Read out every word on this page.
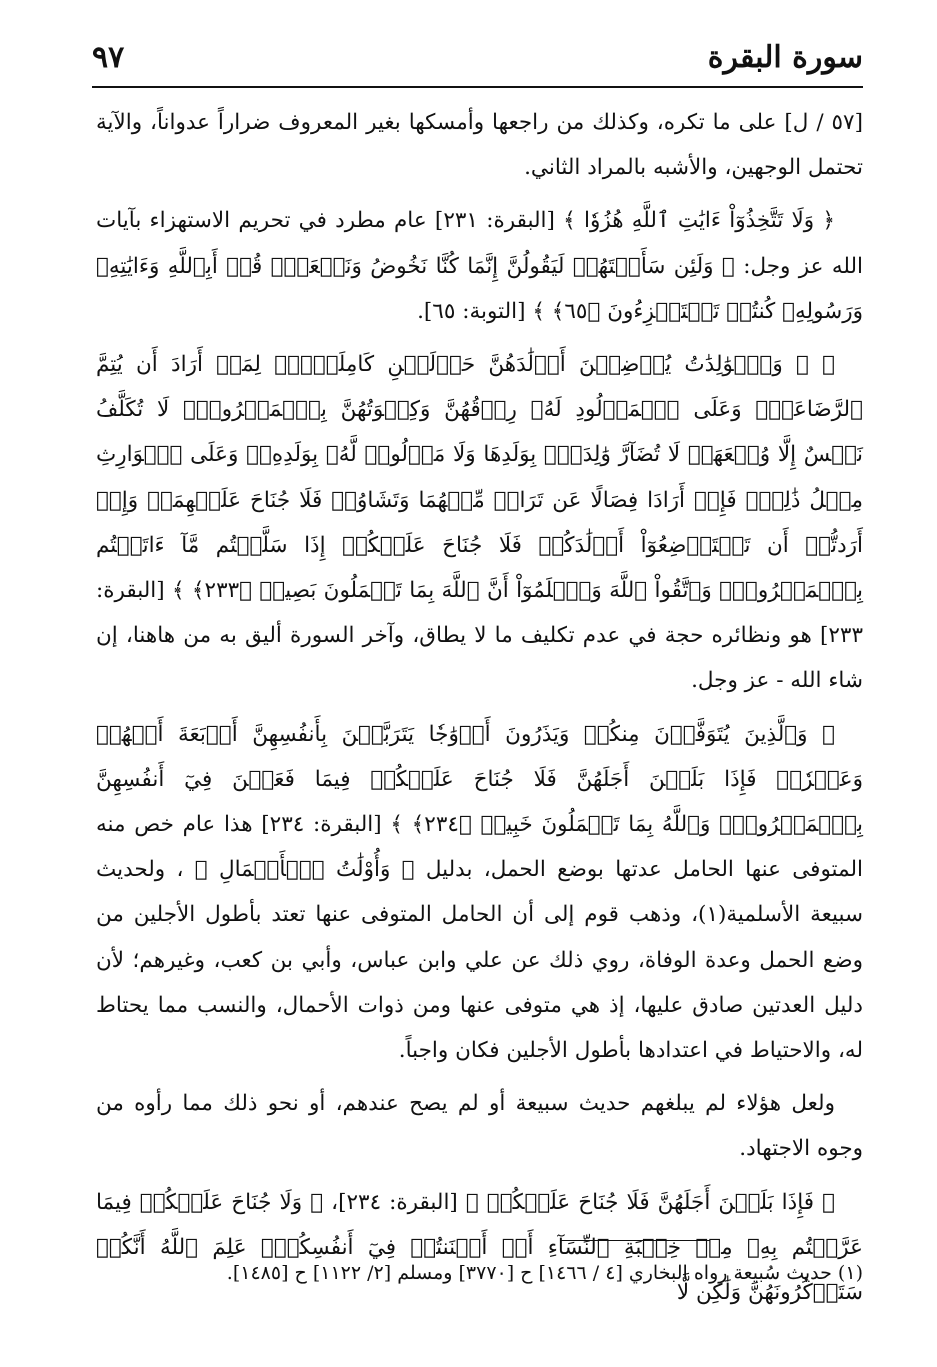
سورة البقرة
٩٧

[٥٧ / ل] على ما تكره، وكذلك من راجعها وأمسكها بغير المعروف ضراراً عدواناً، والآية تحتمل الوجهين، والأشبه بالمراد الثاني.

﴿ وَلَا تَتَّخِذُوٓاْ ءَايَٰتِ ٱللَّهِ هُزُوٗا ﴾ [البقرة: ٢٣١] عام مطرد في تحريم الاستهزاء بآيات الله عز وجل: ﴿ وَلَئِن سَأَلۡتَهُمۡ لَيَقُولُنَّ إِنَّمَا كُنَّا نَخُوضُ وَنَلۡعَبُۚ قُلۡ أَبِٱللَّهِ وَءَايَٰتِهِۦ وَرَسُولِهِۦ كُنتُمۡ تَسۡتَهۡزِءُونَ ﴿٦٥﴾ ﴾ [التوبة: ٦٥].

﴿ ۞ وَٱلۡوَٰلِدَٰتُ يُرۡضِعۡنَ أَوۡلَٰدَهُنَّ حَوۡلَيۡنِ كَامِلَيۡنِۖ لِمَنۡ أَرَادَ أَن يُتِمَّ ٱلرَّضَاعَةَۚ وَعَلَى ٱلۡمَوۡلُودِ لَهُۥ رِزۡقُهُنَّ وَكِسۡوَتُهُنَّ بِٱلۡمَعۡرُوفِۚ لَا تُكَلَّفُ نَفۡسٌ إِلَّا وُسۡعَهَاۚ لَا تُضَآرَّ وَٰلِدَةُۢ بِوَلَدِهَا وَلَا مَوۡلُودٞ لَّهُۥ بِوَلَدِهِۦۚ وَعَلَى ٱلۡوَارِثِ مِثۡلُ ذَٰلِكَۗ فَإِنۡ أَرَادَا فِصَالًا عَن تَرَاضٖ مِّنۡهُمَا وَتَشَاوُرٖ فَلَا جُنَاحَ عَلَيۡهِمَاۗ وَإِنۡ أَرَدتُّمۡ أَن تَسۡتَرۡضِعُوٓاْ أَوۡلَٰدَكُمۡ فَلَا جُنَاحَ عَلَيۡكُمۡ إِذَا سَلَّمۡتُم مَّآ ءَاتَيۡتُم بِٱلۡمَعۡرُوفِۗ وَٱتَّقُواْ ٱللَّهَ وَٱعۡلَمُوٓاْ أَنَّ ٱللَّهَ بِمَا تَعۡمَلُونَ بَصِيرٞ ﴿٢٣٣﴾ ﴾ [البقرة: ٢٣٣] هو ونظائره حجة في عدم تكليف ما لا يطاق، وآخر السورة أليق به من هاهنا، إن شاء الله - عز وجل.

﴿ وَٱلَّذِينَ يُتَوَفَّوۡنَ مِنكُمۡ وَيَذَرُونَ أَزۡوَٰجٗا يَتَرَبَّصۡنَ بِأَنفُسِهِنَّ أَرۡبَعَةَ أَشۡهُرٖ وَعَشۡرٗاۖ فَإِذَا بَلَغۡنَ أَجَلَهُنَّ فَلَا جُنَاحَ عَلَيۡكُمۡ فِيمَا فَعَلۡنَ فِيٓ أَنفُسِهِنَّ بِٱلۡمَعۡرُوفِۗ وَٱللَّهُ بِمَا تَعۡمَلُونَ خَبِيرٞ ﴿٢٣٤﴾ ﴾ [البقرة: ٢٣٤] هذا عام خص منه المتوفى عنها الحامل عدتها بوضع الحمل، بدليل ﴿ وَأُوْلَٰتُ ٱلۡأَحۡمَالِ ﴾ ، ولحديث سبيعة الأسلمية(١)، وذهب قوم إلى أن الحامل المتوفى عنها تعتد بأطول الأجلين من وضع الحمل وعدة الوفاة، روي ذلك عن علي وابن عباس، وأبي بن كعب، وغيرهم؛ لأن دليل العدتين صادق عليها، إذ هي متوفى عنها ومن ذوات الأحمال، والنسب مما يحتاط له، والاحتياط في اعتدادها بأطول الأجلين فكان واجباً.

ولعل هؤلاء لم يبلغهم حديث سبيعة أو لم يصح عندهم، أو نحو ذلك مما رأوه من وجوه الاجتهاد.

﴿ فَإِذَا بَلَغۡنَ أَجَلَهُنَّ فَلَا جُنَاحَ عَلَيۡكُمۡ ﴾ [البقرة: ٢٣٤]، ﴿ وَلَا جُنَاحَ عَلَيۡكُمۡ فِيمَا عَرَّضۡتُم بِهِۦ مِنۡ خِطۡبَةِ ٱلنِّسَآءِ أَوۡ أَكۡنَنتُمۡ فِيٓ أَنفُسِكُمۡۚ عَلِمَ ٱللَّهُ أَنَّكُمۡ سَتَذۡكُرُونَهُنَّ وَلَٰكِن لَّا

(١) حديث سُبيعة رواه البخاري [٤ / ١٤٦٦] ح [٣٧٧٠] ومسلم [٢/ ١١٢٢] ح [١٤٨٥].
